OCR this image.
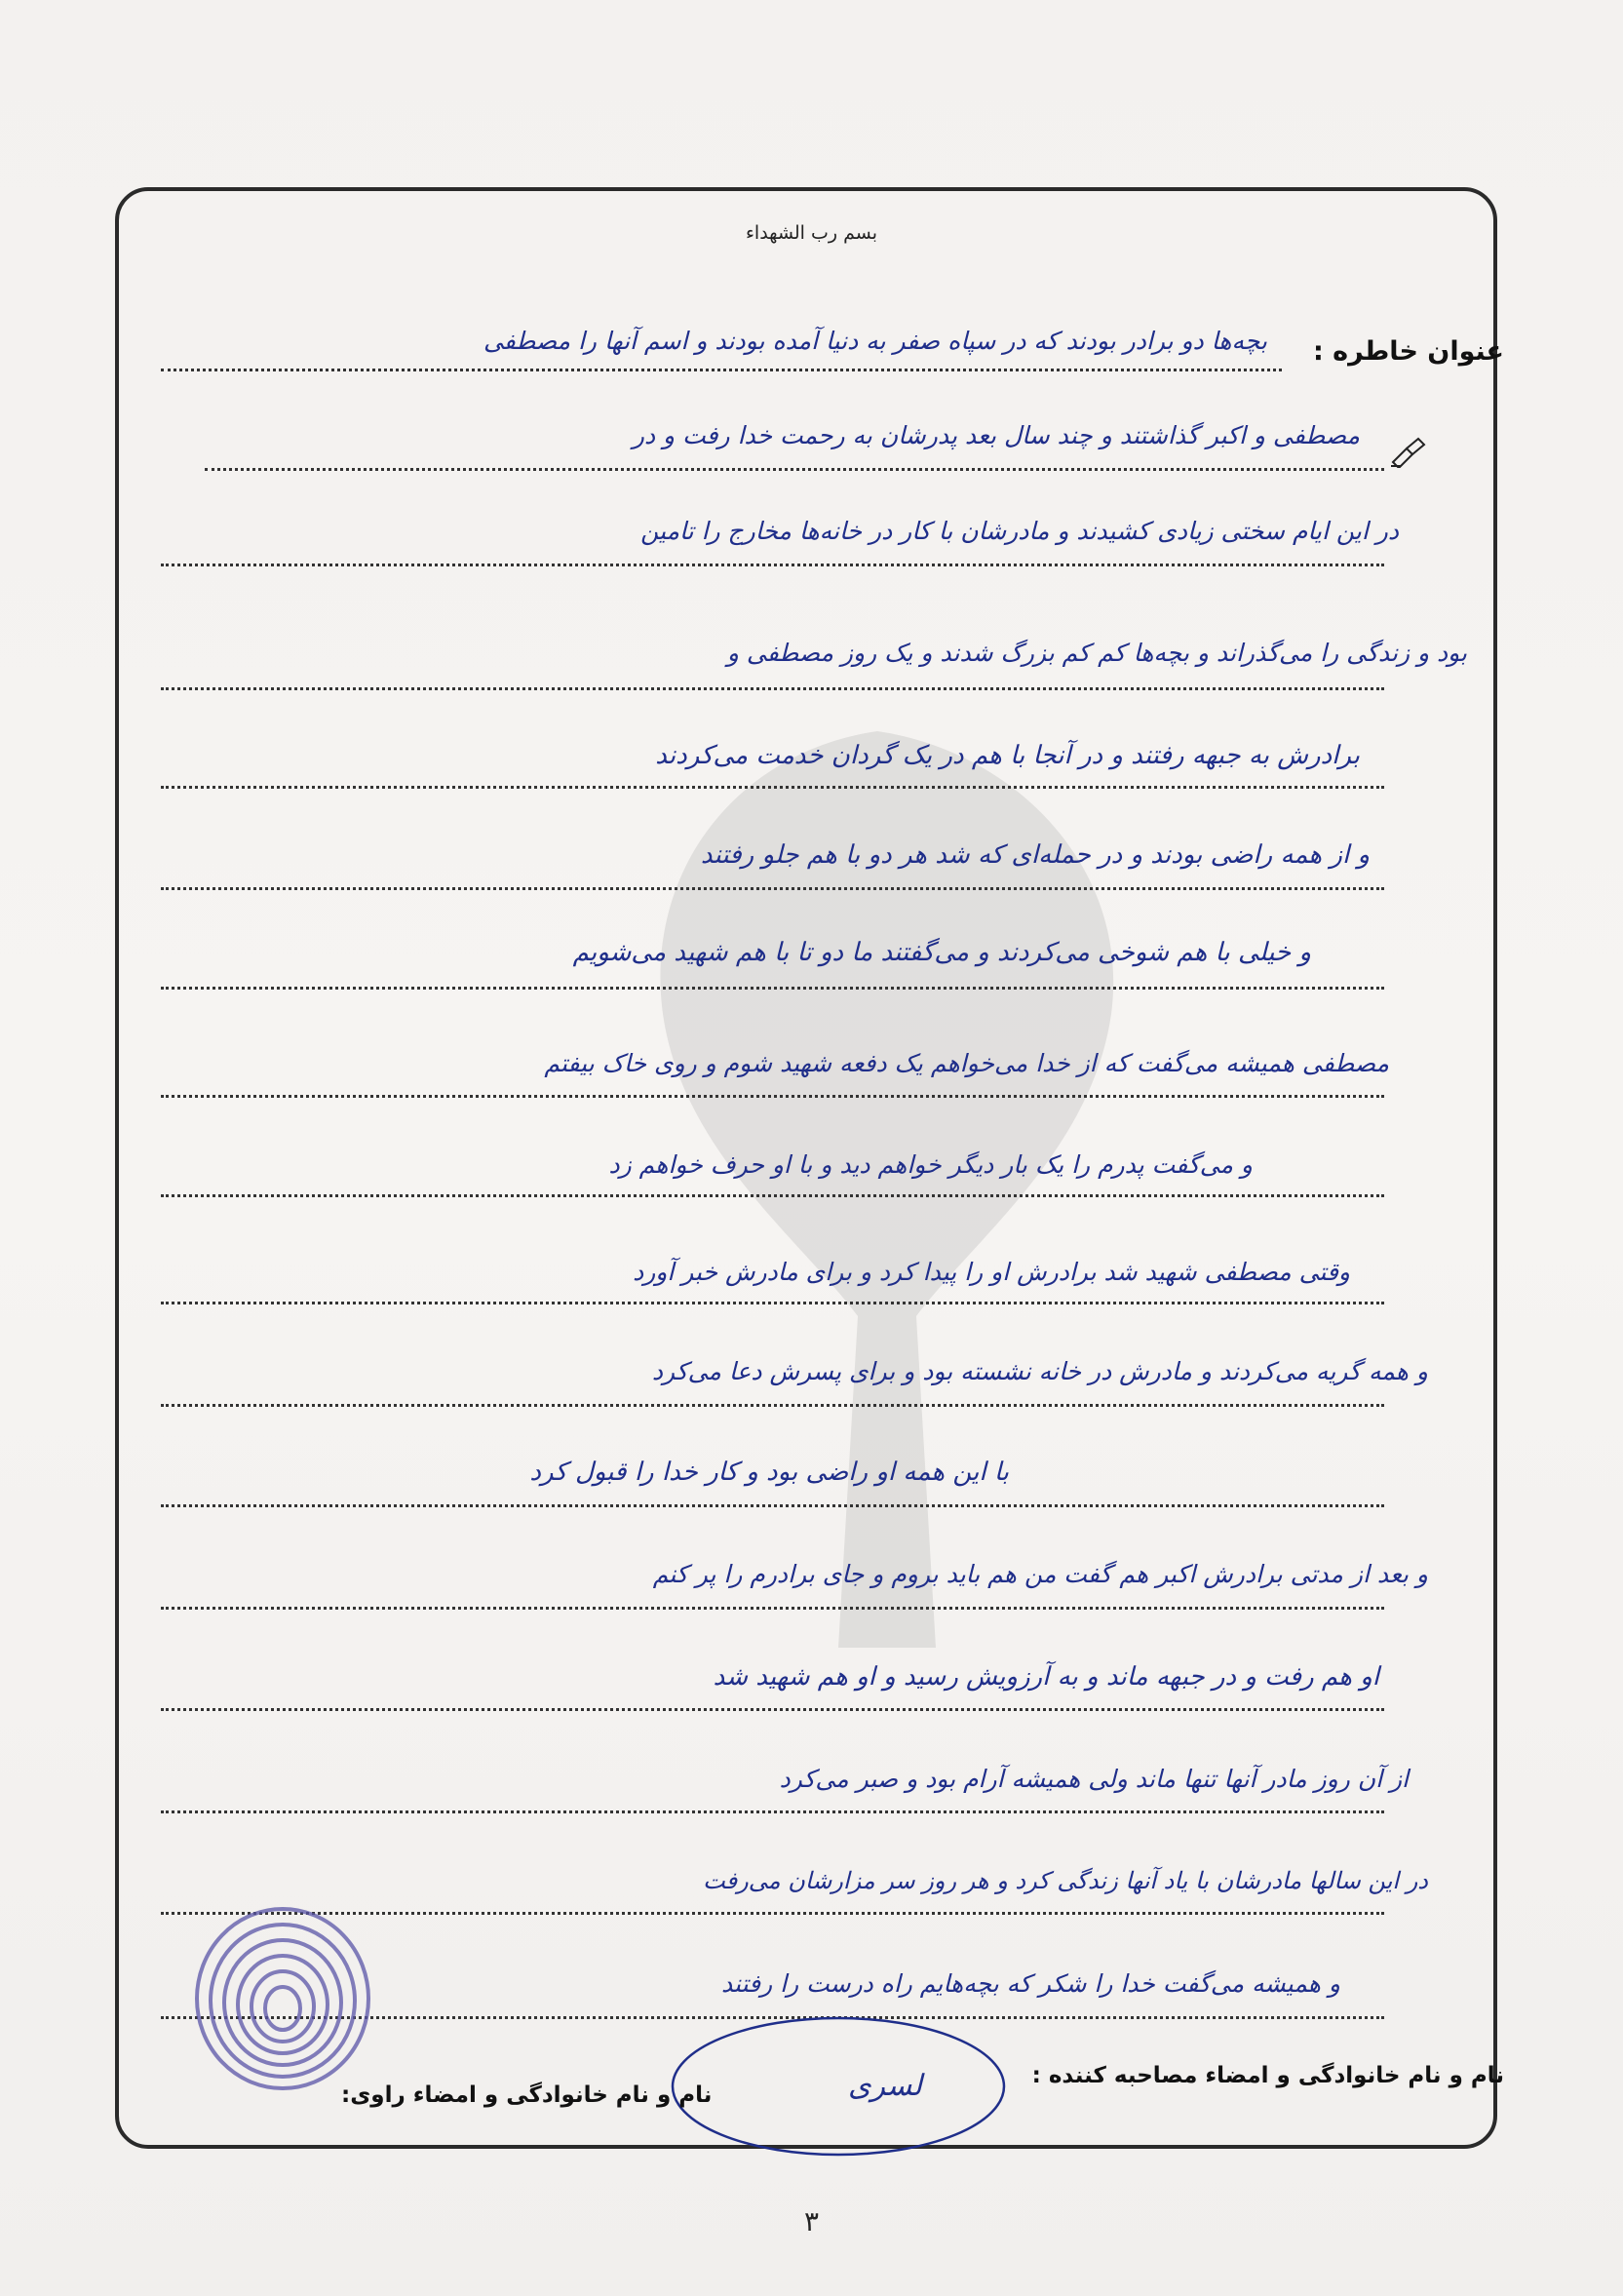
بسم رب الشهداء
عنوان خاطره :
بچه‌ها دو برادر بودند که در سپاه صفر به دنیا آمده بودند و اسم آنها را مصطفی
مصطفی و اکبر گذاشتند و چند سال بعد پدرشان به رحمت خدا رفت و در
در این ایام سختی زیادی کشیدند و مادرشان با کار در خانه‌ها مخارج را تامین
بود و زندگی را می‌گذراند و بچه‌ها کم کم بزرگ شدند و یک روز مصطفی و
برادرش به جبهه رفتند و در آنجا با هم در یک گردان خدمت می‌کردند
و از همه راضی بودند و در حمله‌ای که شد هر دو با هم جلو رفتند
و خیلی با هم شوخی می‌کردند و می‌گفتند ما دو تا با هم شهید می‌شویم
مصطفی همیشه می‌گفت که از خدا می‌خواهم یک دفعه شهید شوم و روی خاک بیفتم
و می‌گفت پدرم را یک بار دیگر خواهم دید و با او حرف خواهم زد
وقتی مصطفی شهید شد برادرش او را پیدا کرد و برای مادرش خبر آورد
و همه گریه می‌کردند و مادرش در خانه نشسته بود و برای پسرش دعا می‌کرد
با این همه او راضی بود و کار خدا را قبول کرد
و بعد از مدتی برادرش اکبر هم گفت من هم باید بروم و جای برادرم را پر کنم
او هم رفت و در جبهه ماند و به آرزویش رسید و او هم شهید شد
از آن روز مادر آنها تنها ماند ولی همیشه آرام بود و صبر می‌کرد
در این سالها مادرشان با یاد آنها زندگی کرد و هر روز سر مزارشان می‌رفت
و همیشه می‌گفت خدا را شکر که بچه‌هایم راه درست را رفتند
نام و نام خانوادگی و امضاء مصاحبه کننده :
لسری
نام و نام خانوادگی و امضاء راوی:
۳
